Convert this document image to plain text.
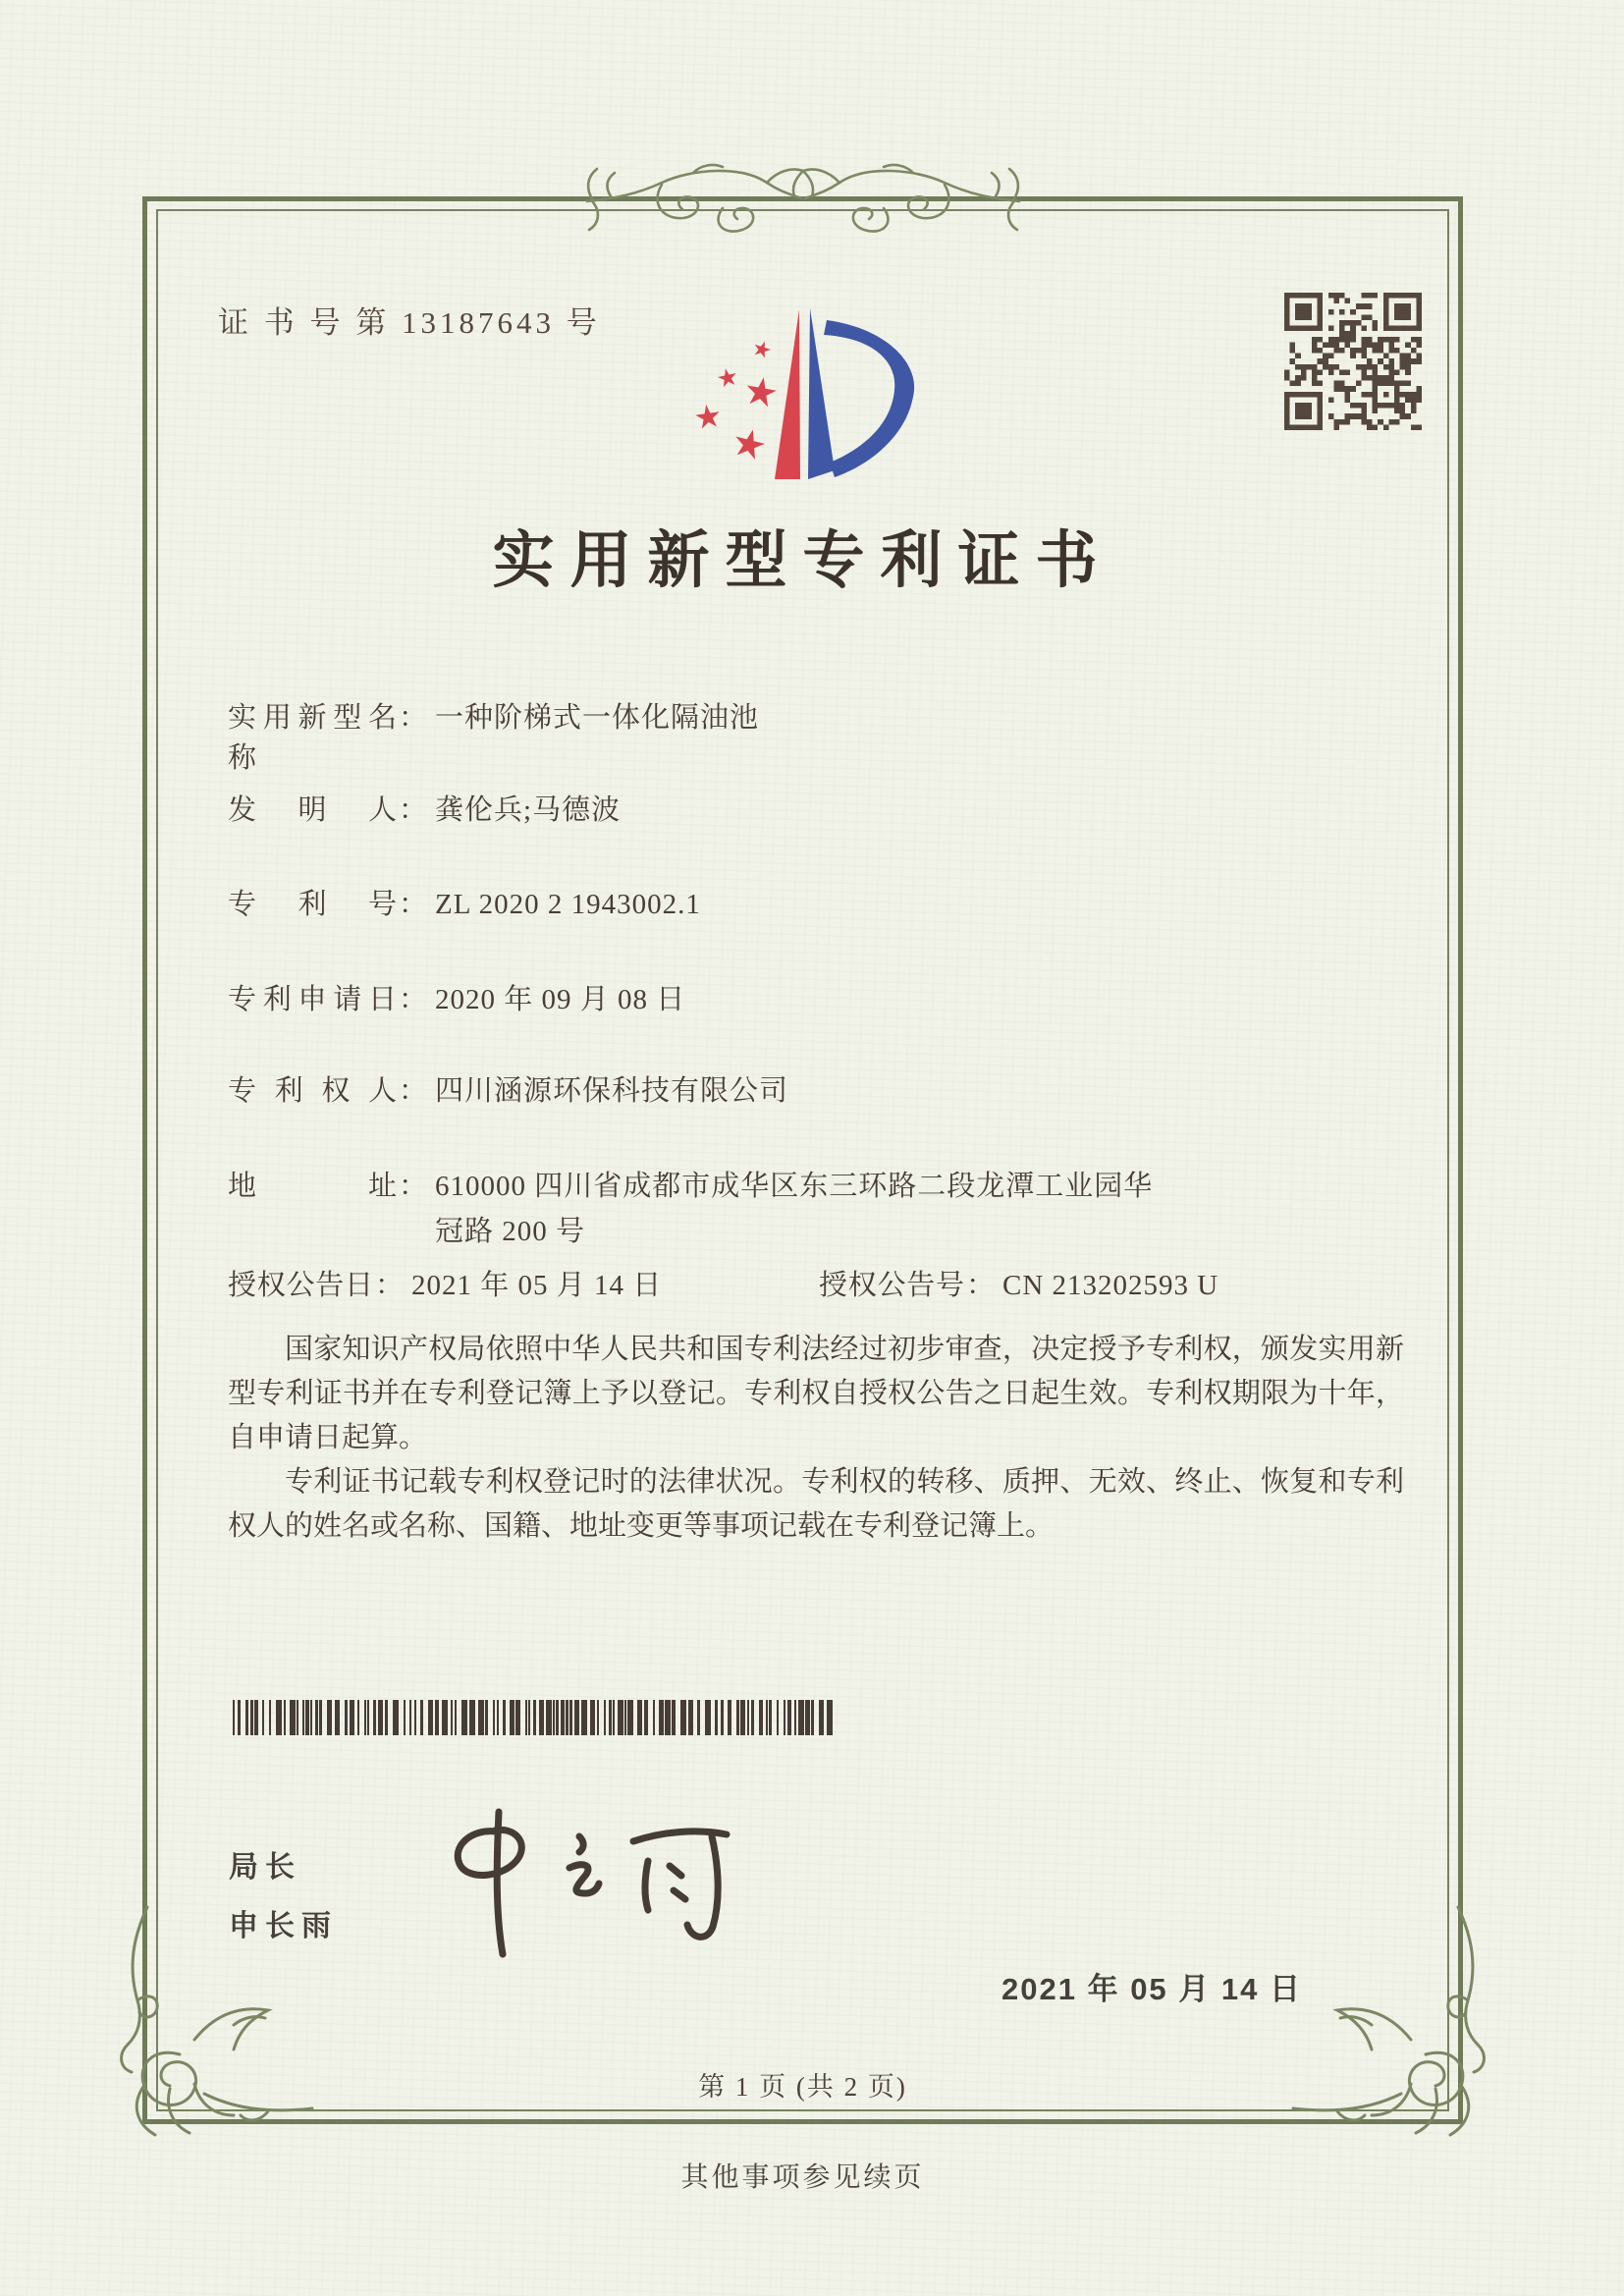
证 书 号 第 13187643 号
实用新型专利证书
实用新型名称： 一种阶梯式一体化隔油池
发明人： 龚伦兵;马德波
专利号： ZL 2020 2 1943002.1
专利申请日： 2020 年 09 月 08 日
专利权人： 四川涵源环保科技有限公司
地址： 610000 四川省成都市成华区东三环路二段龙潭工业园华冠路 200 号
授权公告日： 2021 年 05 月 14 日	授权公告号： CN 213202593 U

国家知识产权局依照中华人民共和国专利法经过初步审查，决定授予专利权，颁发实用新型专利证书并在专利登记簿上予以登记。专利权自授权公告之日起生效。专利权期限为十年，自申请日起算。

专利证书记载专利权登记时的法律状况。专利权的转移、质押、无效、终止、恢复和专利权人的姓名或名称、国籍、地址变更等事项记载在专利登记簿上。

局长
申长雨
2021 年 05 月 14 日
第 1 页 (共 2 页)
其他事项参见续页
